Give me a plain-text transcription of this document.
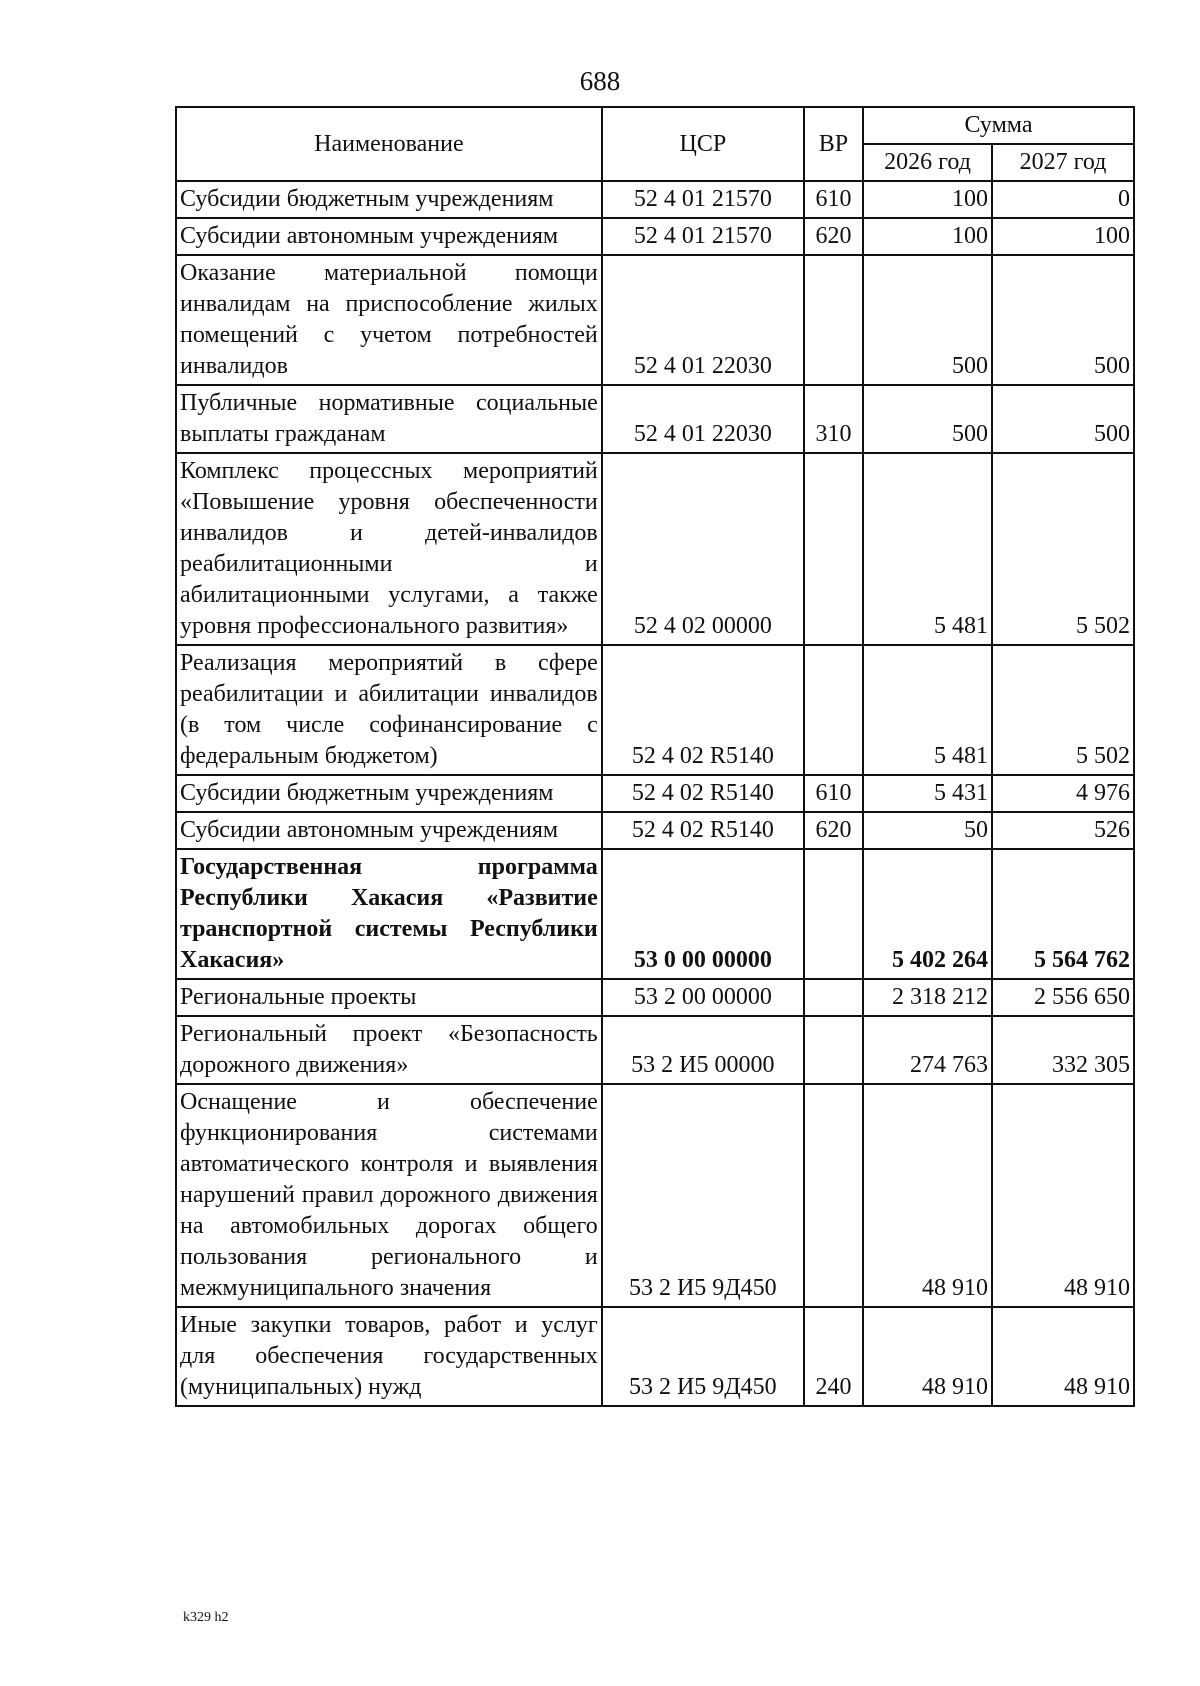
688
Наименование	ЦСР	ВР	Сумма	
			2026 год	2027 год
Субсидии бюджетным учреждениям	52 4 01 21570	610	100	0
Субсидии автономным учреждениям	52 4 01 21570	620	100	100
Оказание материальной помощи инвалидам на приспособление жилых помещений с учетом потребностей инвалидов	52 4 01 22030		500	500
Публичные нормативные социальные выплаты гражданам	52 4 01 22030	310	500	500
Комплекс процессных мероприятий «Повышение уровня обеспеченности инвалидов и детей-инвалидов реабилитационными и абилитационными услугами, а также уровня профессионального развития»	52 4 02 00000		5 481	5 502
Реализация мероприятий в сфере реабилитации и абилитации инвалидов (в том числе софинансирование с федеральным бюджетом)	52 4 02 R5140		5 481	5 502
Субсидии бюджетным учреждениям	52 4 02 R5140	610	5 431	4 976
Субсидии автономным учреждениям	52 4 02 R5140	620	50	526
Государственная программа Республики Хакасия «Развитие транспортной системы Республики Хакасия»	53 0 00 00000		5 402 264	5 564 762
Региональные проекты	53 2 00 00000		2 318 212	2 556 650
Региональный проект «Безопасность дорожного движения»	53 2 И5 00000		274 763	332 305
Оснащение и обеспечение функционирования системами автоматического контроля и выявления нарушений правил дорожного движения на автомобильных дорогах общего пользования регионального и межмуниципального значения	53 2 И5 9Д450		48 910	48 910
Иные закупки товаров, работ и услуг для обеспечения государственных (муниципальных) нужд	53 2 И5 9Д450	240	48 910	48 910
k329 h2
